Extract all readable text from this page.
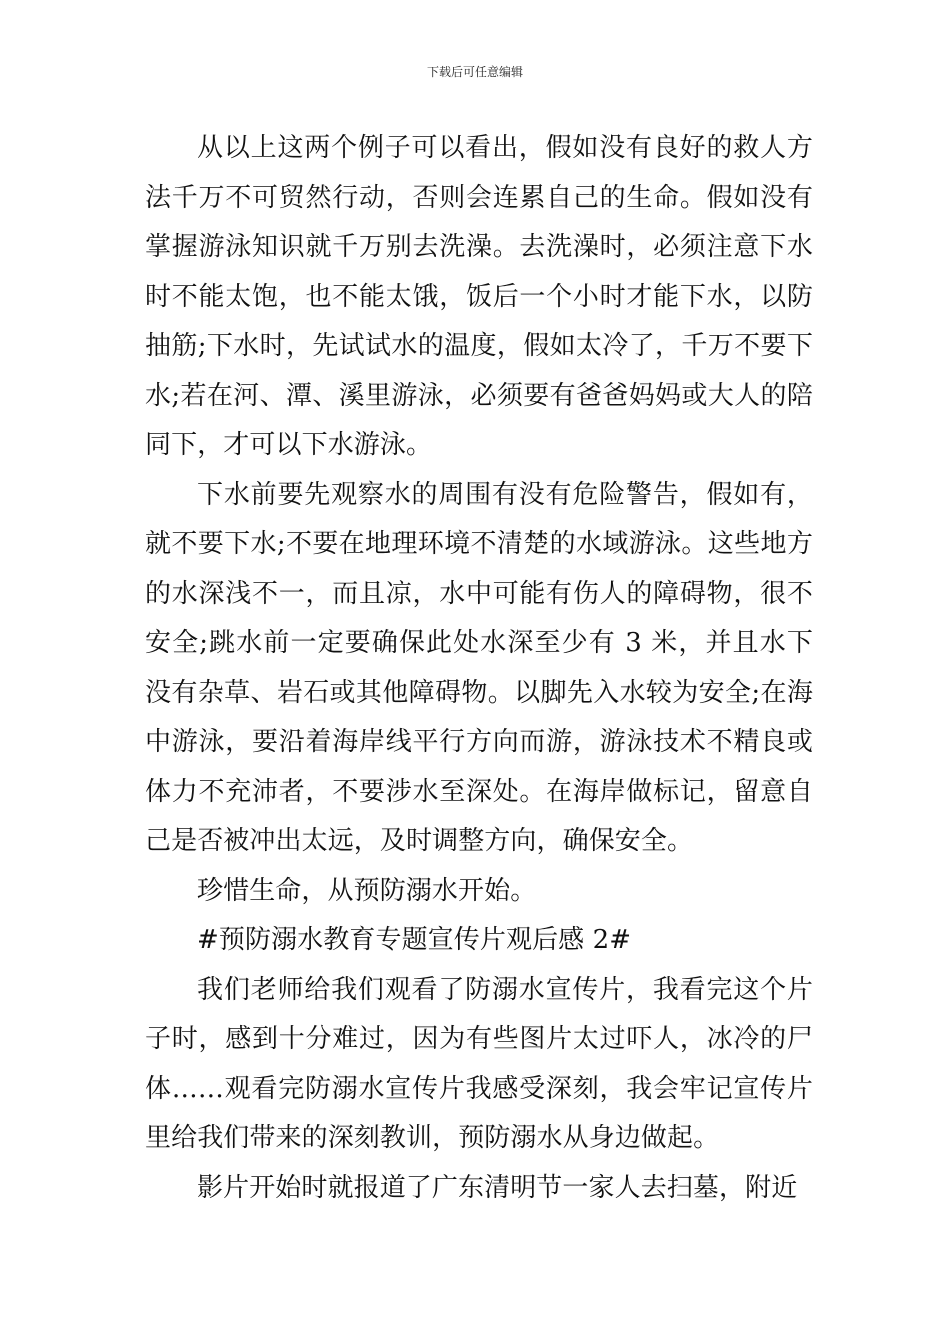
下载后可任意编辑

从以上这两个例子可以看出，假如没有良好的救人方法千万不可贸然行动，否则会连累自己的生命。假如没有掌握游泳知识就千万别去洗澡。去洗澡时，必须注意下水时不能太饱，也不能太饿，饭后一个小时才能下水，以防抽筋;下水时，先试试水的温度，假如太冷了，千万不要下水;若在河、潭、溪里游泳，必须要有爸爸妈妈或大人的陪同下，才可以下水游泳。

下水前要先观察水的周围有没有危险警告，假如有，就不要下水;不要在地理环境不清楚的水域游泳。这些地方的水深浅不一，而且凉，水中可能有伤人的障碍物，很不安全;跳水前一定要确保此处水深至少有 3 米，并且水下没有杂草、岩石或其他障碍物。以脚先入水较为安全;在海中游泳，要沿着海岸线平行方向而游，游泳技术不精良或体力不充沛者，不要涉水至深处。在海岸做标记，留意自己是否被冲出太远，及时调整方向，确保安全。

珍惜生命，从预防溺水开始。

#预防溺水教育专题宣传片观后感 2#

我们老师给我们观看了防溺水宣传片，我看完这个片子时，感到十分难过，因为有些图片太过吓人，冰冷的尸体……观看完防溺水宣传片我感受深刻，我会牢记宣传片里给我们带来的深刻教训，预防溺水从身边做起。

影片开始时就报道了广东清明节一家人去扫墓，附近
